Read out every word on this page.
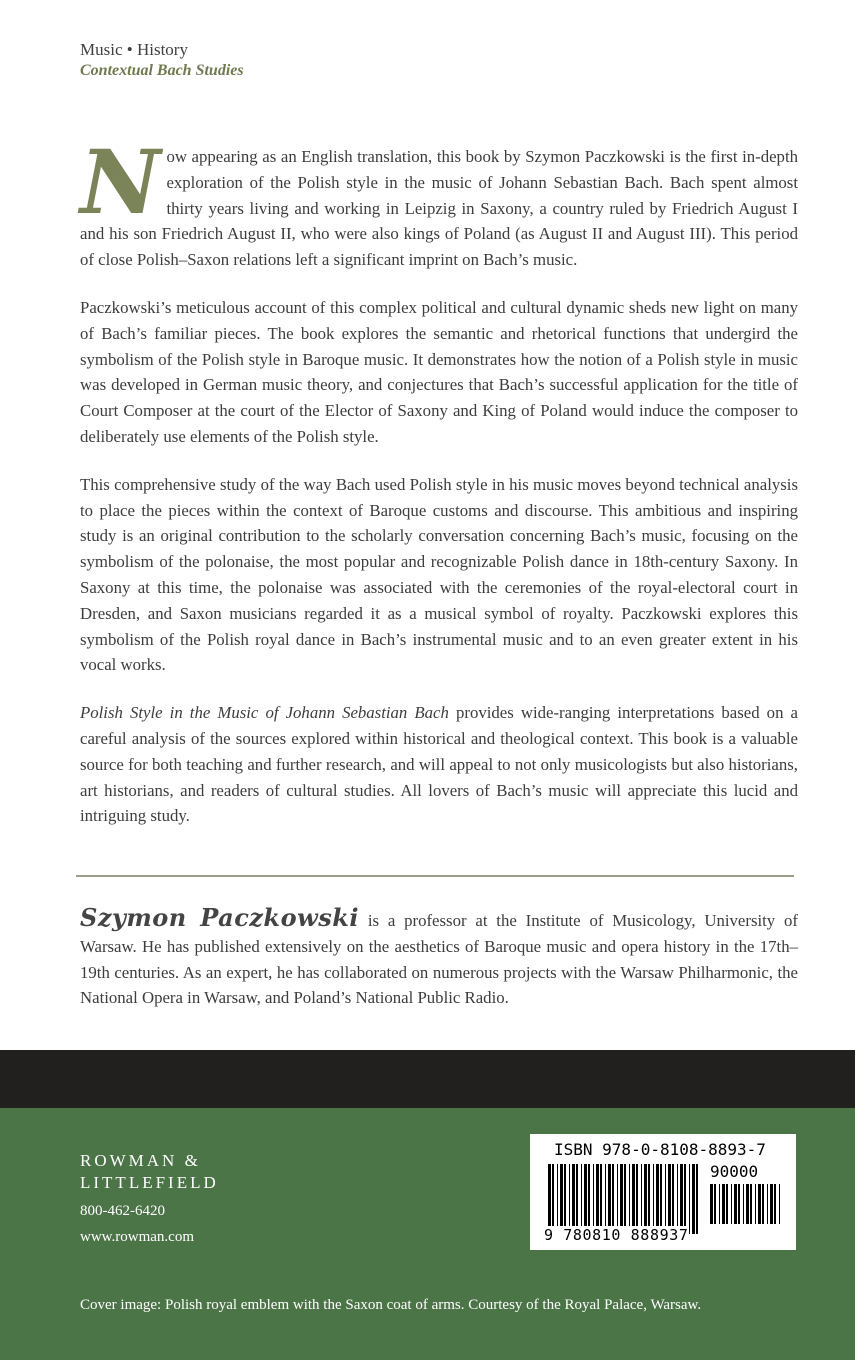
Music • History
Contextual Bach Studies

Now appearing as an English translation, this book by Szymon Paczkowski is the first in-depth exploration of the Polish style in the music of Johann Sebastian Bach. Bach spent almost thirty years living and working in Leipzig in Saxony, a country ruled by Friedrich August I and his son Friedrich August II, who were also kings of Poland (as August II and August III). This period of close Polish–Saxon relations left a significant imprint on Bach’s music.

Paczkowski’s meticulous account of this complex political and cultural dynamic sheds new light on many of Bach’s familiar pieces. The book explores the semantic and rhetorical functions that undergird the symbolism of the Polish style in Baroque music. It demonstrates how the notion of a Polish style in music was developed in German music theory, and conjectures that Bach’s successful application for the title of Court Composer at the court of the Elector of Saxony and King of Poland would induce the composer to deliberately use elements of the Polish style.

This comprehensive study of the way Bach used Polish style in his music moves beyond technical analysis to place the pieces within the context of Baroque customs and discourse. This ambitious and inspiring study is an original contribution to the scholarly conversation concerning Bach’s music, focusing on the symbolism of the polonaise, the most popular and recognizable Polish dance in 18th-century Saxony. In Saxony at this time, the polonaise was associated with the ceremonies of the royal-electoral court in Dresden, and Saxon musicians regarded it as a musical symbol of royalty. Paczkowski explores this symbolism of the Polish royal dance in Bach’s instrumental music and to an even greater extent in his vocal works.

Polish Style in the Music of Johann Sebastian Bach provides wide-ranging interpretations based on a careful analysis of the sources explored within historical and theological context. This book is a valuable source for both teaching and further research, and will appeal to not only musicologists but also historians, art historians, and readers of cultural studies. All lovers of Bach’s music will appreciate this lucid and intriguing study.

Szymon Paczkowski is a professor at the Institute of Musicology, University of Warsaw. He has published extensively on the aesthetics of Baroque music and opera history in the 17th–19th centuries. As an expert, he has collaborated on numerous projects with the Warsaw Philharmonic, the National Opera in Warsaw, and Poland’s National Public Radio.

ROWMAN &
LITTLEFIELD
800-462-6420
www.rowman.com
ISBN 978-0-8108-8893-7
90000
9 780810 888937
Cover image: Polish royal emblem with the Saxon coat of arms. Courtesy of the Royal Palace, Warsaw.
